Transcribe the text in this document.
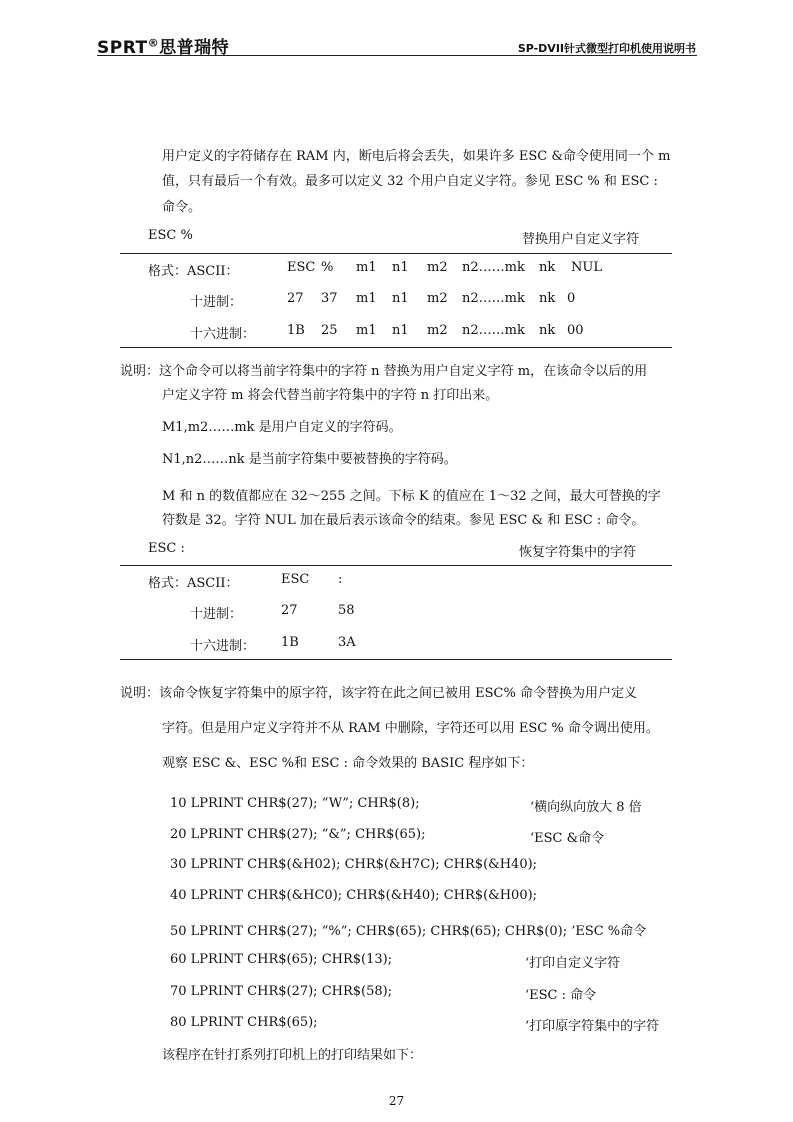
SPRT®思普瑞特	SP-DVII针式微型打印机使用说明书
用户定义的字符储存在 RAM 内，断电后将会丢失，如果许多 ESC &命令使用同一个 m
值，只有最后一个有效。最多可以定义 32 个用户自定义字符。参见 ESC % 和 ESC :
命令。
ESC %	替换用户自定义字符
格式：ASCII：	ESC % m1 n1 m2 n2……mk nk NUL
十进制：	27 37 m1 n1 m2 n2……mk nk 0
十六进制： 1B 25 m1 n1 m2 n2……mk nk 00
说明：这个命令可以将当前字符集中的字符 n 替换为用户自定义字符 m，在该命令以后的用
户定义字符 m 将会代替当前字符集中的字符 n 打印出来。
M1,m2……mk 是用户自定义的字符码。
N1,n2……nk 是当前字符集中要被替换的字符码。
M 和 n 的数值都应在 32～255 之间。下标 K 的值应在 1～32 之间，最大可替换的字
符数是 32。字符 NUL 加在最后表示该命令的结束。参见 ESC & 和 ESC : 命令。
ESC :	恢复字符集中的字符
格式：ASCII：	ESC :
十进制：	27	58
十六进制： 1B	3A
说明：该命令恢复字符集中的原字符，该字符在此之间已被用 ESC% 命令替换为用户定义
字符。但是用户定义字符并不从 RAM 中删除，字符还可以用 ESC % 命令调出使用。
观察 ESC &、ESC %和 ESC : 命令效果的 BASIC 程序如下：
10 LPRINT CHR$(27); “W”; CHR$(8);	‘横向纵向放大 8 倍
20 LPRINT CHR$(27); “&”; CHR$(65);	‘ESC &命令
30 LPRINT CHR$(&H02); CHR$(&H7C); CHR$(&H40);
40 LPRINT CHR$(&HC0); CHR$(&H40); CHR$(&H00);
50 LPRINT CHR$(27); “%”; CHR$(65); CHR$(65); CHR$(0); ’ESC %命令
60 LPRINT CHR$(65); CHR$(13);	‘打印自定义字符
70 LPRINT CHR$(27); CHR$(58);	‘ESC : 命令
80 LPRINT CHR$(65);	‘打印原字符集中的字符
该程序在针打系列打印机上的打印结果如下：
27
